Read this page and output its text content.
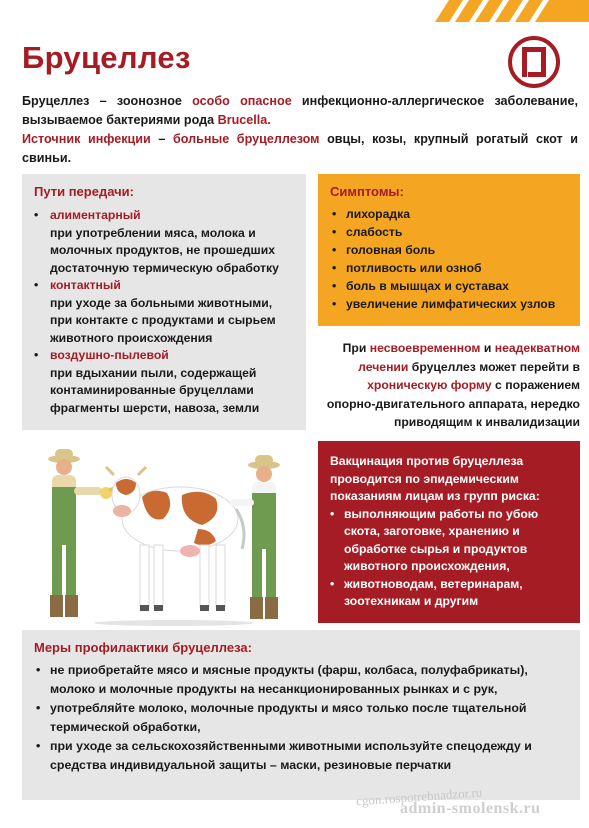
Бруцеллез
Бруцеллез – зоонозное особо опасное инфекционно-аллергическое заболевание, вызываемое бактериями рода Brucella.
Источник инфекции – больные бруцеллезом овцы, козы, крупный рогатый скот и свиньи.
Пути передачи:
• алиментарный
при употреблении мяса, молока и молочных продуктов, не прошедших достаточную термическую обработку
• контактный
при уходе за больными животными, при контакте с продуктами и сырьем животного происхождения
• воздушно-пылевой
при вдыхании пыли, содержащей контаминированные бруцеллами фрагменты шерсти, навоза, земли
Симптомы:
• лихорадка
• слабость
• головная боль
• потливость или озноб
• боль в мышцах и суставах
• увеличение лимфатических узлов
При несвоевременном и неадекватном лечении бруцеллез может перейти в хроническую форму с поражением опорно-двигательного аппарата, нередко приводящим к инвалидизации
Вакцинация против бруцеллеза проводится по эпидемическим показаниям лицам из групп риска:
• выполняющим работы по убою скота, заготовке, хранению и обработке сырья и продуктов животного происхождения,
• животноводам, ветеринарам, зоотехникам и другим
Меры профилактики бруцеллеза:
• не приобретайте мясо и мясные продукты (фарш, колбаса, полуфабрикаты), молоко и молочные продукты на несанкционированных рынках и с рук,
• употребляйте молоко, молочные продукты и мясо только после тщательной термической обработки,
• при уходе за сельскохозяйственными животными используйте спецодежду и средства индивидуальной защиты – маски, резиновые перчатки
cgon.rospotrebnadzor.ru
admin-smolensk.ru
